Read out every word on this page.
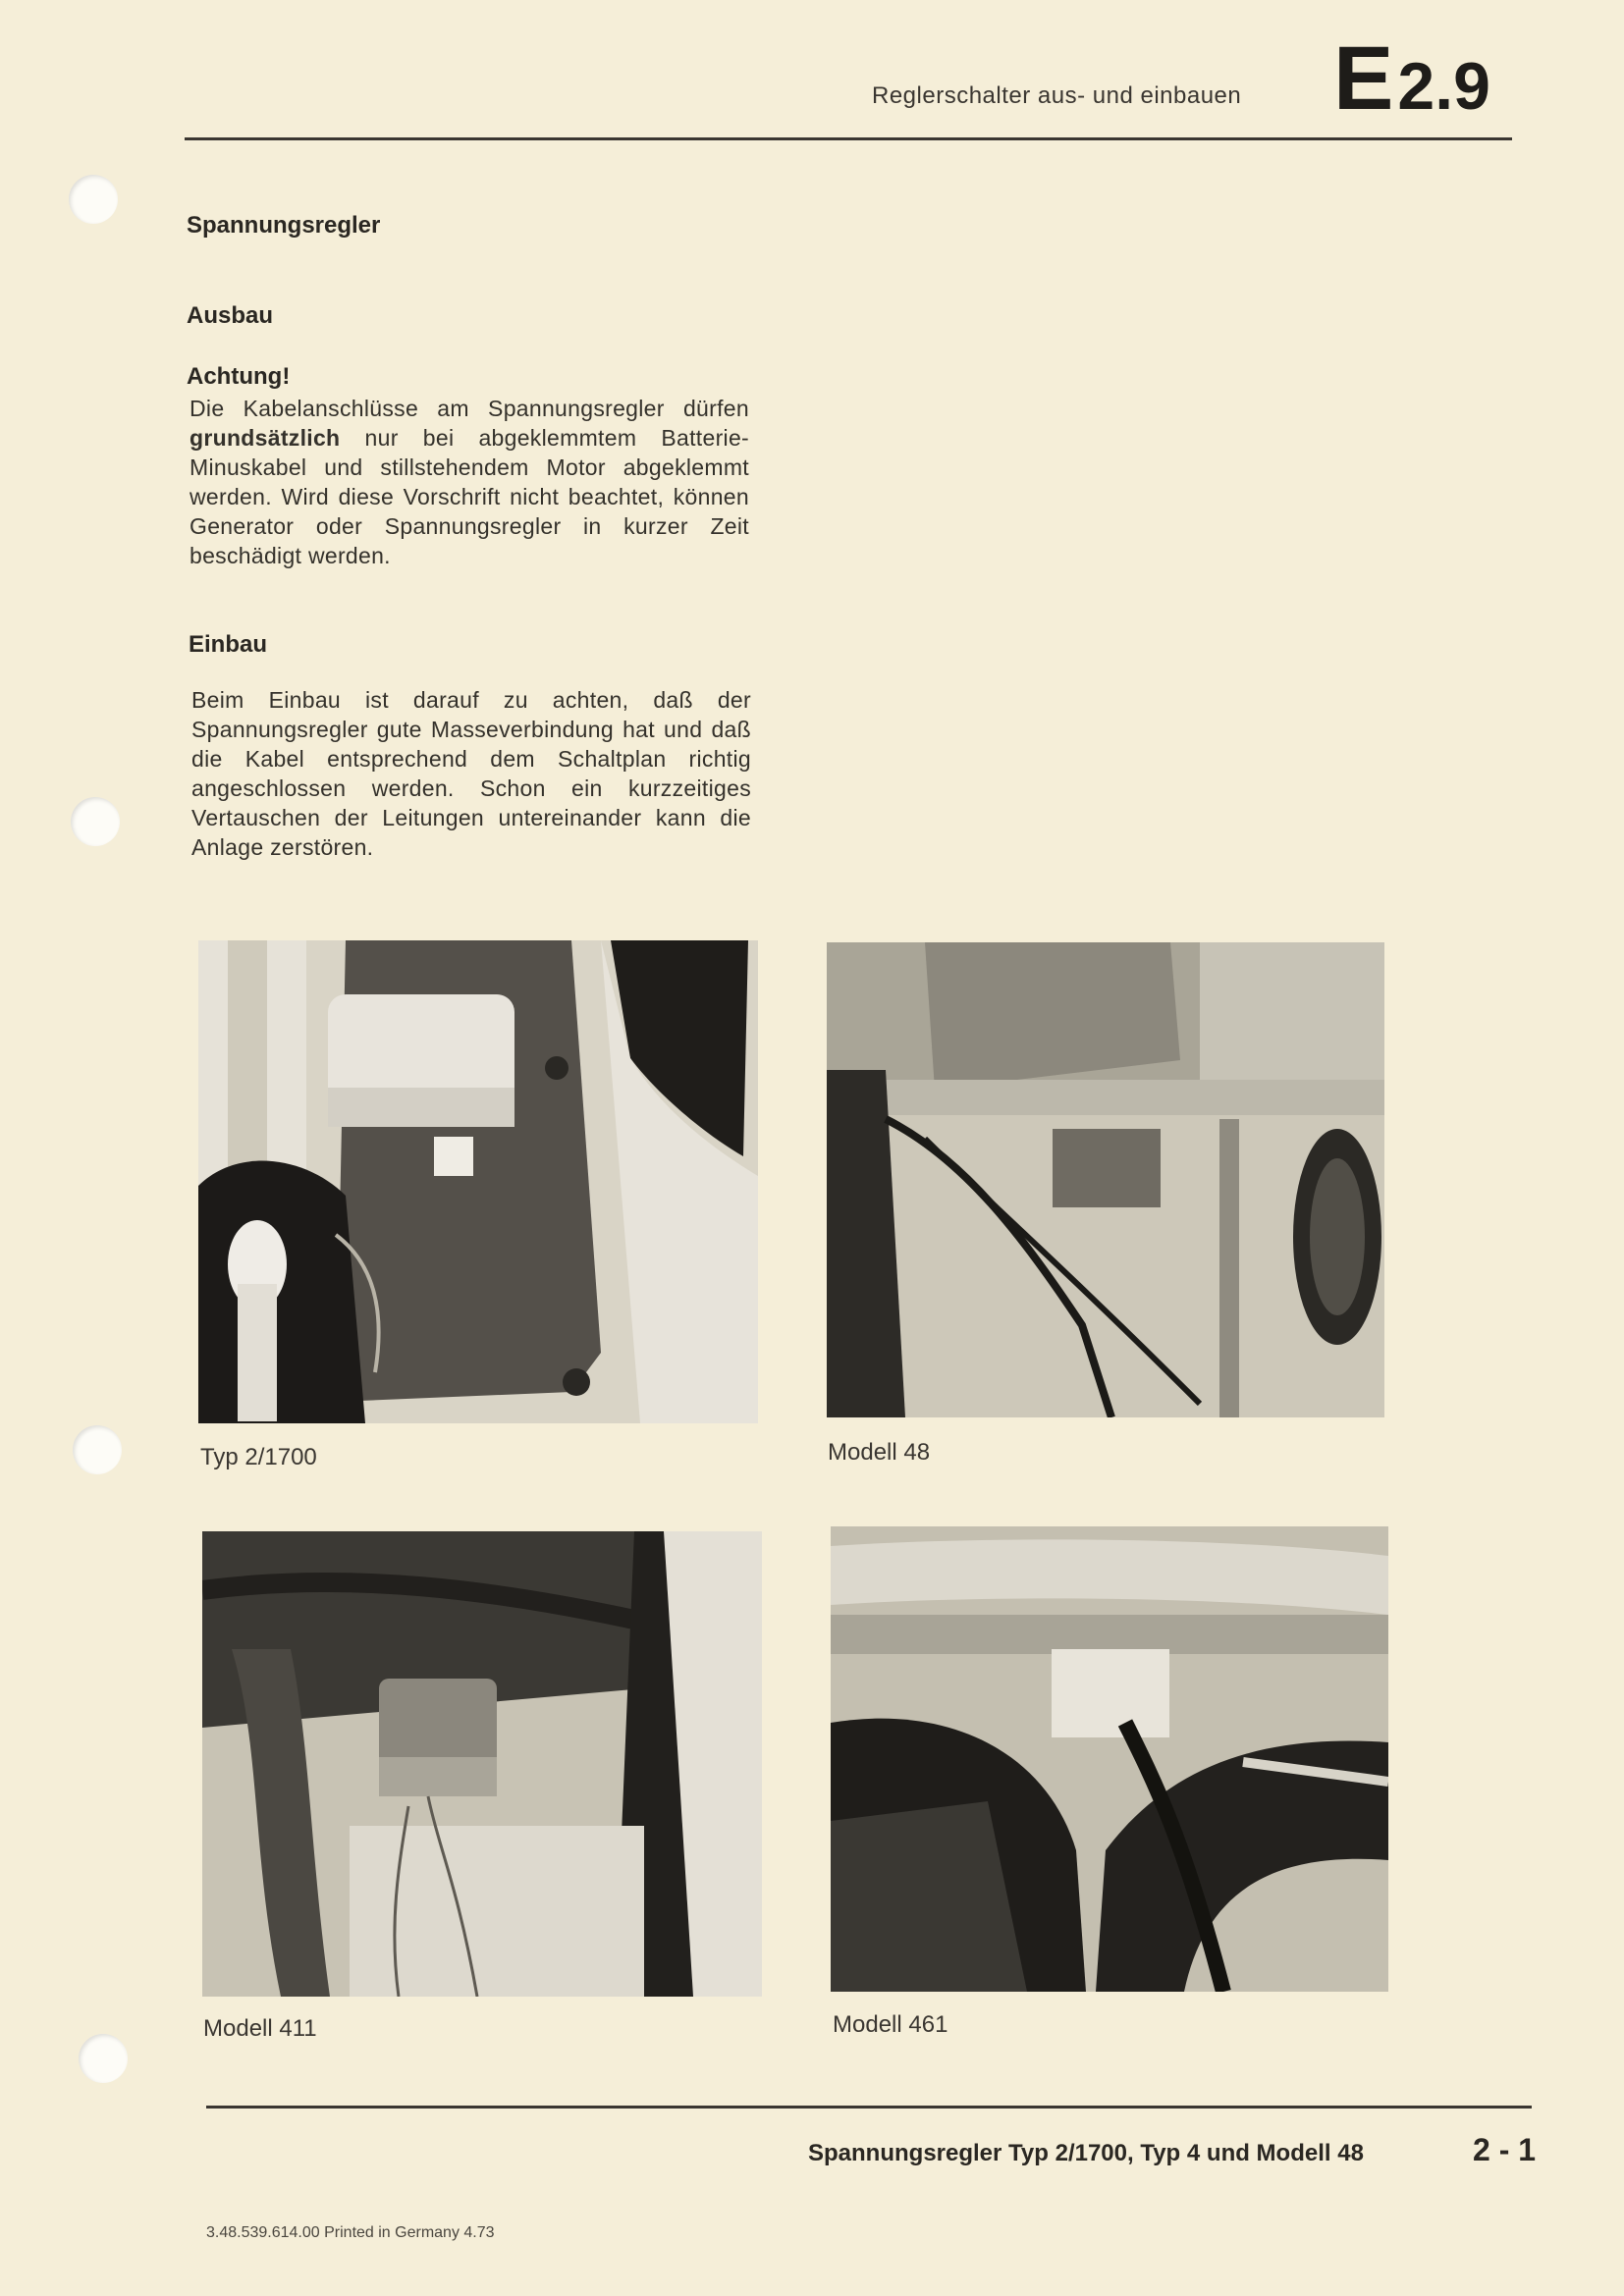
Reglerschalter aus- und einbauen E2.9
Spannungsregler
Ausbau
Achtung!

Die Kabelanschlüsse am Spannungsregler dürfen grundsätzlich nur bei abgeklemmtem Batterie-Minuskabel und stillstehendem Motor abgeklemmt werden. Wird diese Vorschrift nicht beachtet, können Generator oder Spannungsregler in kurzer Zeit beschädigt werden.

Einbau

Beim Einbau ist darauf zu achten, daß der Spannungsregler gute Masseverbindung hat und daß die Kabel entsprechend dem Schaltplan richtig angeschlossen werden. Schon ein kurzzeitiges Vertauschen der Leitungen untereinander kann die Anlage zerstören.

Typ 2/1700	Modell 48
Modell 411	Modell 461
Spannungsregler Typ 2/1700, Typ 4 und Modell 48	2 - 1
3.48.539.614.00 Printed in Germany 4.73
